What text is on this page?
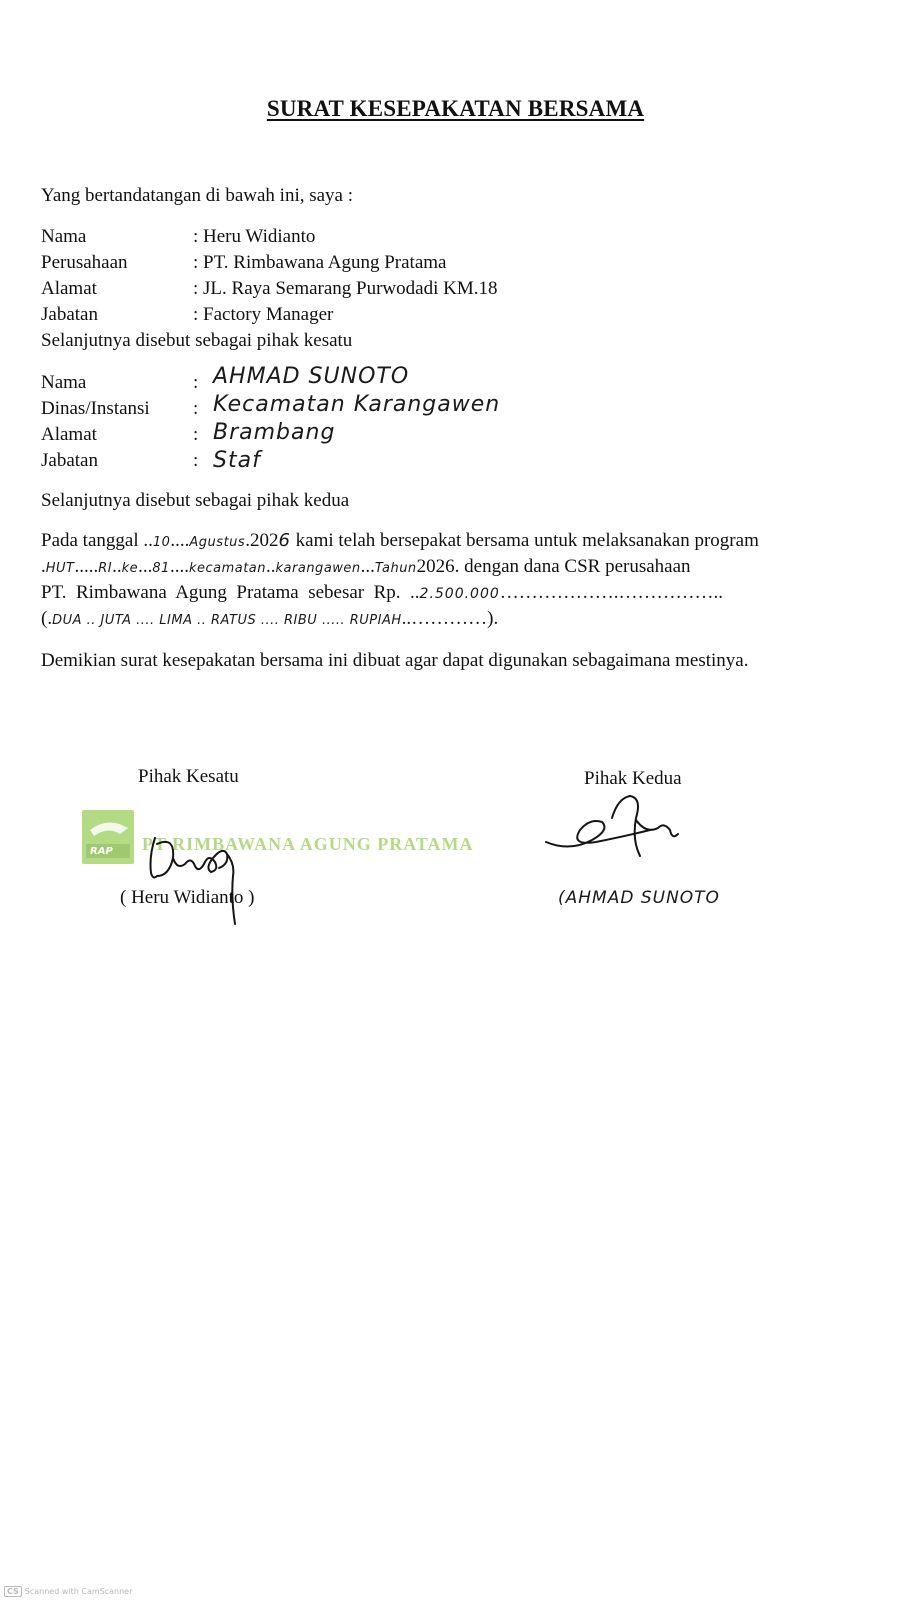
SURAT KESEPAKATAN BERSAMA
Yang bertandatangan di bawah ini, saya :
Nama	: Heru Widianto
Perusahaan	: PT. Rimbawana Agung Pratama
Alamat	: JL. Raya Semarang Purwodadi KM.18
Jabatan	: Factory Manager
Selanjutnya disebut sebagai pihak kesatu
Nama	: AHMAD SUNOTO
Dinas/Instansi : Kecamatan Karangawen
Alamat	: Brambang
Jabatan	: Staf
Selanjutnya disebut sebagai pihak kedua
Pada tanggal ..10....Agustus.2026 kami telah bersepakat bersama untuk melaksanakan program
.HUT.....RI..ke...81....kecamatan..karangawen...Tahun2026. dengan dana CSR perusahaan
PT.  Rimbawana  Agung  Pratama  sebesar  Rp.  ..2.500.000……………….……………..
(.DUA .. JUTA .... LIMA .. RATUS .... RIBU ..... RUPIAH..…………).
Demikian surat kesepakatan bersama ini dibuat agar dapat digunakan sebagaimana mestinya.
Pihak Kesatu	Pihak Kedua
RAP PT RIMBAWANA AGUNG PRATAMA
( Heru Widianto )	(AHMAD SUNOTO
CS Scanned with CamScanner
